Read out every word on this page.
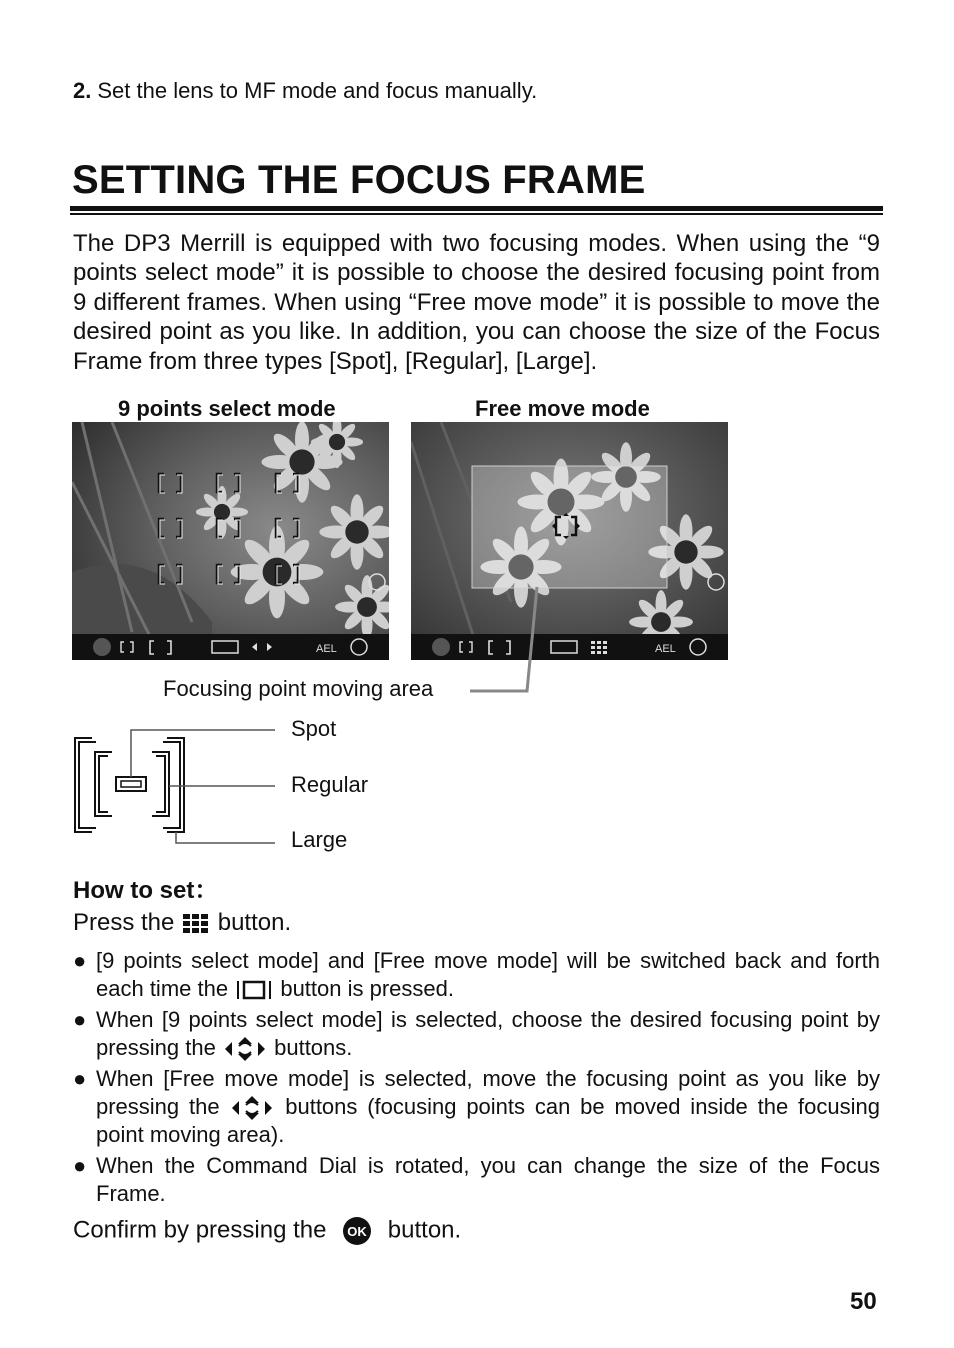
2. Set the lens to MF mode and focus manually.
SETTING THE FOCUS FRAME
The DP3 Merrill is equipped with two focusing modes. When using the “9 points select mode” it is possible to choose the desired focusing point from 9 different frames. When using “Free move mode” it is possible to move the desired point as you like. In addition, you can choose the size of the Focus Frame from three types [Spot], [Regular], [Large].
9 points select mode	Free move mode
AEL	AEL
Focusing point moving area
Spot
Regular
Large
How to set：
Press the button.
● [9 points select mode] and [Free move mode] will be switched back and forth each time the button is pressed.
● When [9 points select mode] is selected, choose the desired focusing point by pressing the	buttons.
● When [Free move mode] is selected, move the focusing point as you like by pressing the	buttons (focusing points can be moved inside the focusing point moving area).
● When the Command Dial is rotated, you can change the size of the Focus Frame.
Confirm by pressing the OK button.
50
